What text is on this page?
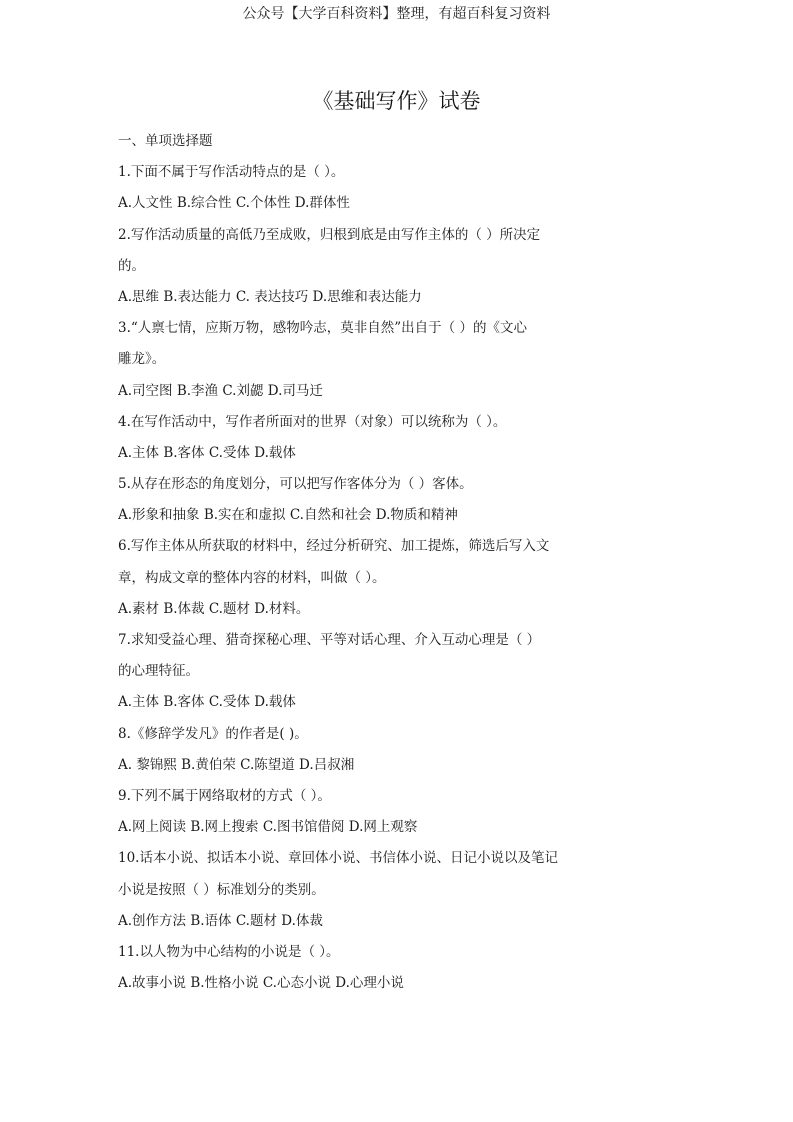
公众号【大学百科资料】整理，有超百科复习资料
《基础写作》试卷
一、单项选择题
1.下面不属于写作活动特点的是（ ）。
A.人文性 B.综合性 C.个体性 D.群体性
2.写作活动质量的高低乃至成败，归根到底是由写作主体的（ ）所决定
的。
A.思维 B.表达能力 C. 表达技巧 D.思维和表达能力
3.“人禀七情，应斯万物，感物吟志，莫非自然”出自于（ ）的《文心
雕龙》。
A.司空图 B.李渔 C.刘勰 D.司马迁
4.在写作活动中，写作者所面对的世界（对象）可以统称为（ ）。
A.主体 B.客体 C.受体 D.载体
5.从存在形态的角度划分，可以把写作客体分为（ ）客体。
A.形象和抽象 B.实在和虚拟 C.自然和社会 D.物质和精神
6.写作主体从所获取的材料中，经过分析研究、加工提炼，筛选后写入文
章，构成文章的整体内容的材料，叫做（ ）。
A.素材 B.体裁 C.题材 D.材料。
7.求知受益心理、猎奇探秘心理、平等对话心理、介入互动心理是（ ）
的心理特征。
A.主体 B.客体 C.受体 D.载体
8.《修辞学发凡》的作者是( )。
A. 黎锦熙 B.黄伯荣 C.陈望道 D.吕叔湘
9.下列不属于网络取材的方式（ ）。
A.网上阅读 B.网上搜索 C.图书馆借阅 D.网上观察
10.话本小说、拟话本小说、章回体小说、书信体小说、日记小说以及笔记
小说是按照（ ）标准划分的类别。
A.创作方法 B.语体 C.题材 D.体裁
11.以人物为中心结构的小说是（ ）。
A.故事小说 B.性格小说 C.心态小说 D.心理小说
